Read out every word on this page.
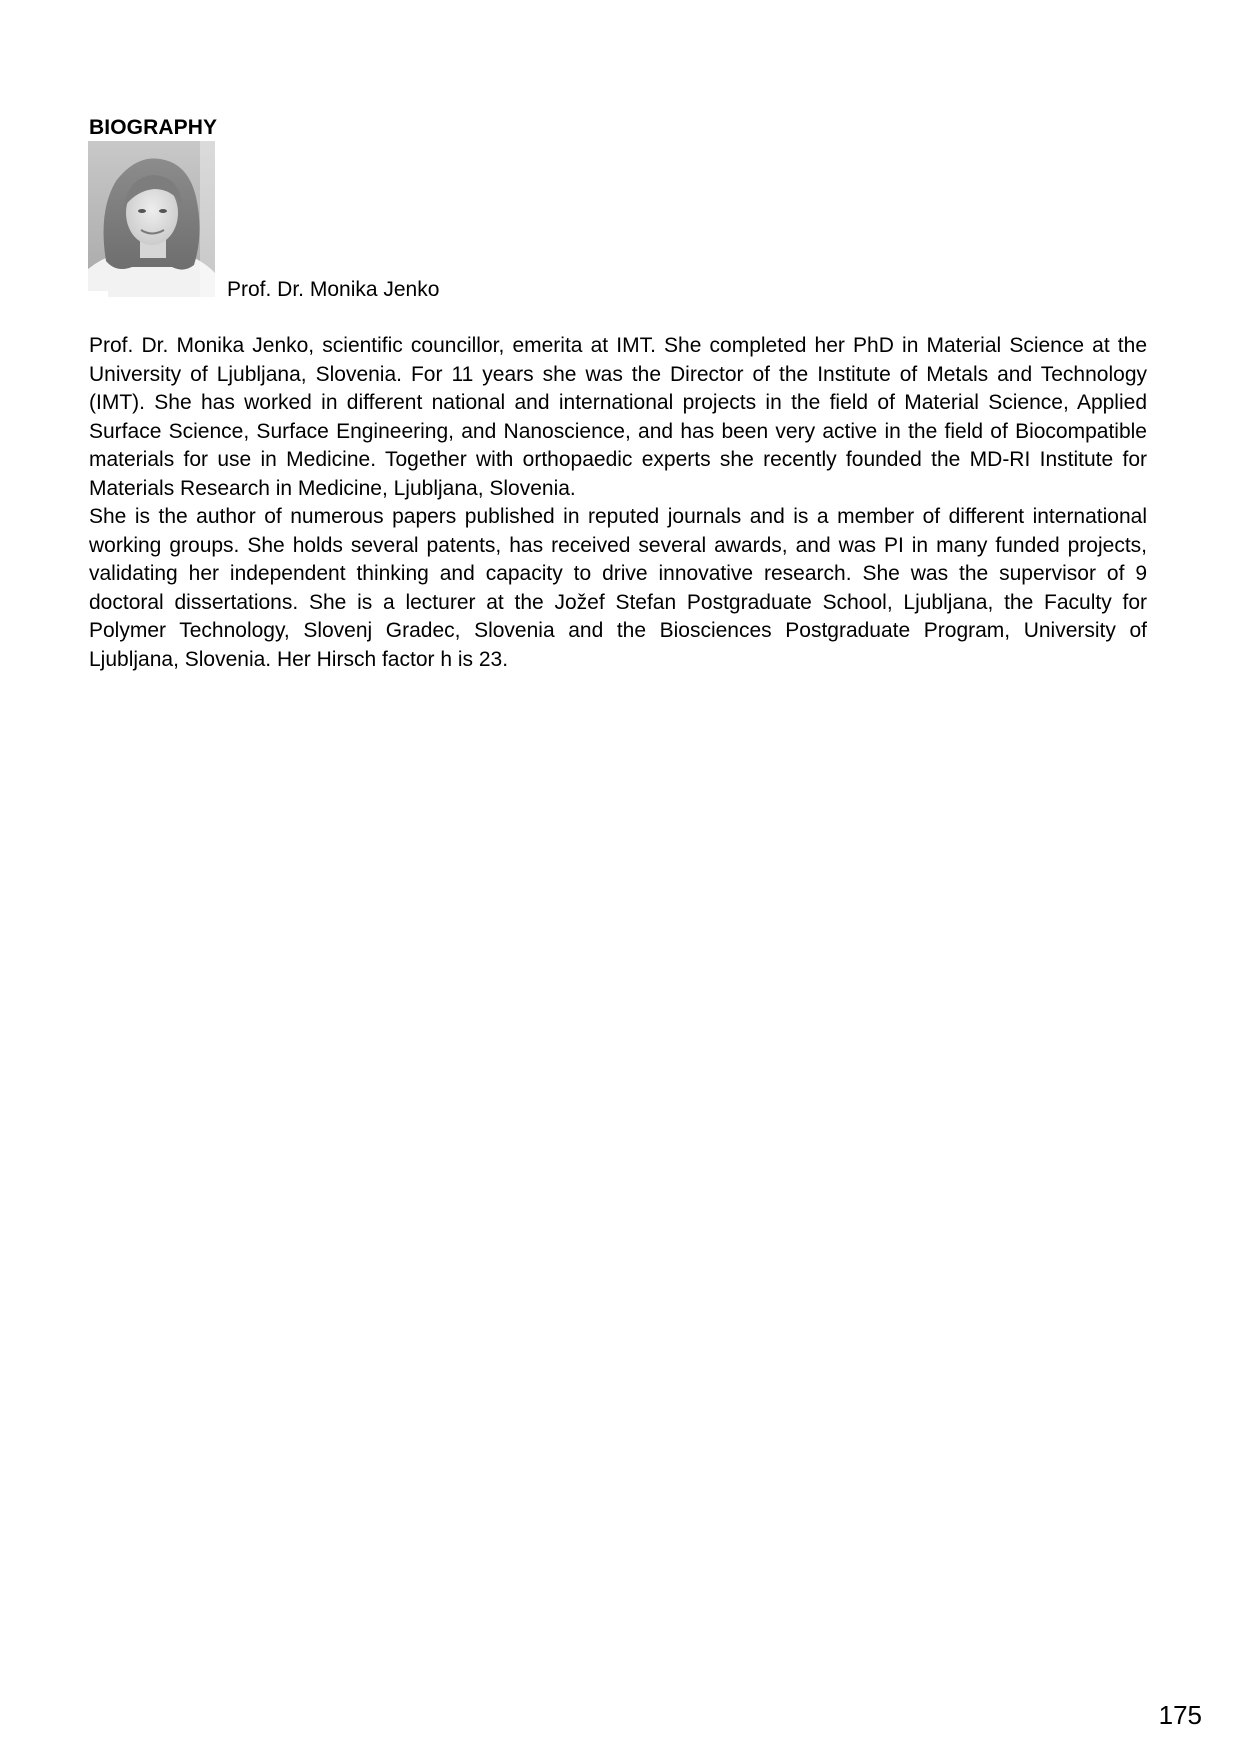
BIOGRAPHY
Prof. Dr. Monika Jenko

Prof. Dr. Monika Jenko, scientific councillor, emerita at IMT. She completed her PhD in Material Science at the University of Ljubljana, Slovenia. For 11 years she was the Director of the Institute of Metals and Technology (IMT). She has worked in different national and international projects in the field of Material Science, Applied Surface Science, Surface Engineering, and Nanoscience, and has been very active in the field of Biocompatible materials for use in Medicine. Together with orthopaedic experts she recently founded the MD-RI Institute for Materials Research in Medicine, Ljubljana, Slovenia.

She is the author of numerous papers published in reputed journals and is a member of different international working groups. She holds several patents, has received several awards, and was PI in many funded projects, validating her independent thinking and capacity to drive innovative research. She was the supervisor of 9 doctoral dissertations. She is a lecturer at the Jožef Stefan Postgraduate School, Ljubljana, the Faculty for Polymer Technology, Slovenj Gradec, Slovenia and the Biosciences Postgraduate Program, University of Ljubljana, Slovenia. Her Hirsch factor h is 23.

175
